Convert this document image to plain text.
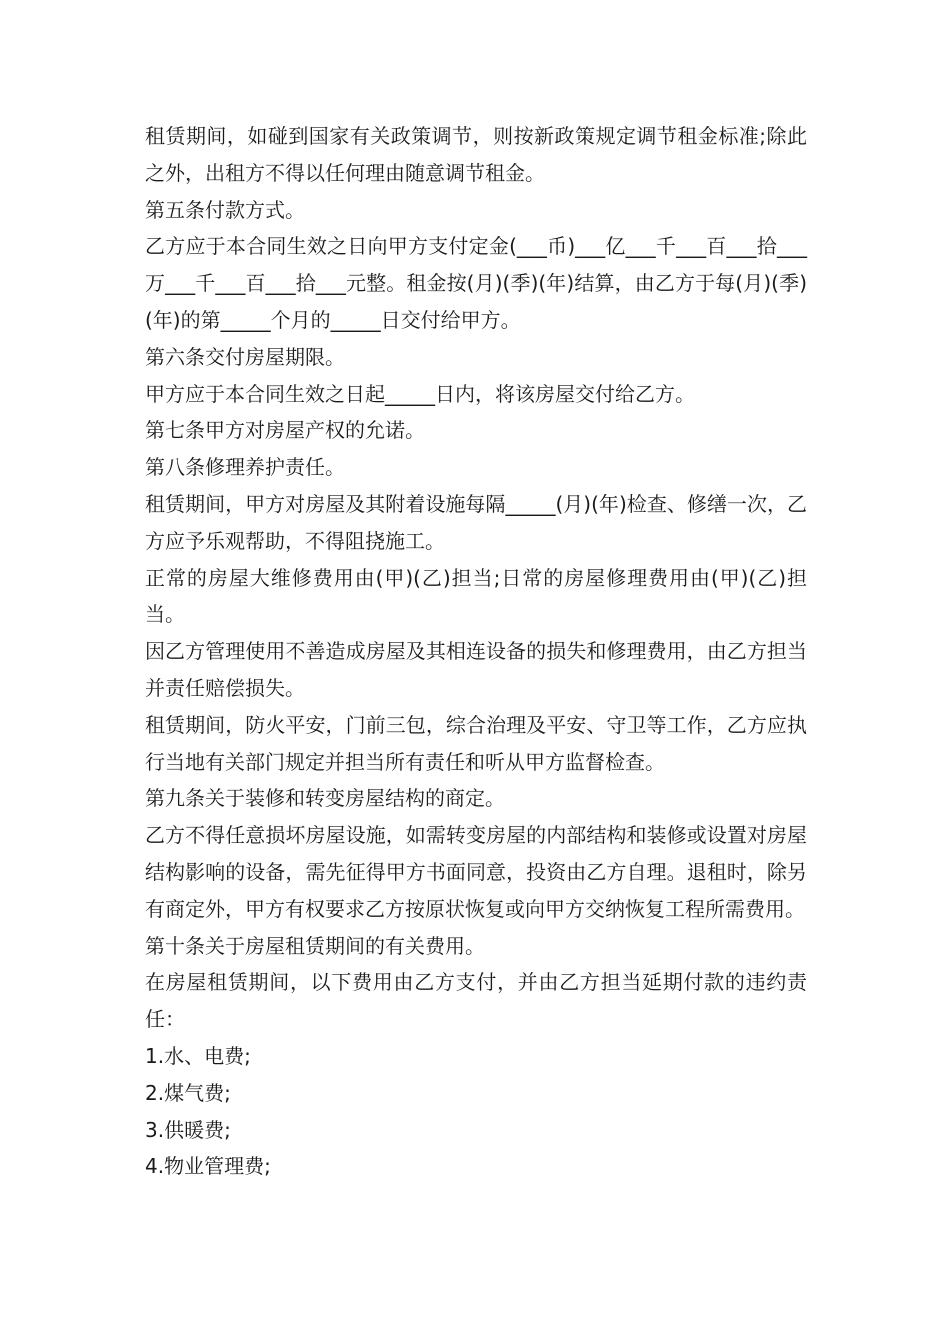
租赁期间，如碰到国家有关政策调节，则按新政策规定调节租金标准;除此之外，出租方不得以任何理由随意调节租金。

第五条付款方式。

乙方应于本合同生效之日向甲方支付定金(___币)___亿___千___百___拾___万___千___百___拾___元整。租金按(月)(季)(年)结算，由乙方于每(月)(季)(年)的第_____个月的_____日交付给甲方。

第六条交付房屋期限。

甲方应于本合同生效之日起_____日内，将该房屋交付给乙方。

第七条甲方对房屋产权的允诺。

第八条修理养护责任。

租赁期间，甲方对房屋及其附着设施每隔_____(月)(年)检查、修缮一次，乙方应予乐观帮助，不得阻挠施工。

正常的房屋大维修费用由(甲)(乙)担当;日常的房屋修理费用由(甲)(乙)担当。

因乙方管理使用不善造成房屋及其相连设备的损失和修理费用，由乙方担当并责任赔偿损失。

租赁期间，防火平安，门前三包，综合治理及平安、守卫等工作，乙方应执行当地有关部门规定并担当所有责任和听从甲方监督检查。

第九条关于装修和转变房屋结构的商定。

乙方不得任意损坏房屋设施，如需转变房屋的内部结构和装修或设置对房屋结构影响的设备，需先征得甲方书面同意，投资由乙方自理。退租时，除另有商定外，甲方有权要求乙方按原状恢复或向甲方交纳恢复工程所需费用。

第十条关于房屋租赁期间的有关费用。

在房屋租赁期间，以下费用由乙方支付，并由乙方担当延期付款的违约责任：

1.水、电费;

2.煤气费;

3.供暖费;

4.物业管理费;
